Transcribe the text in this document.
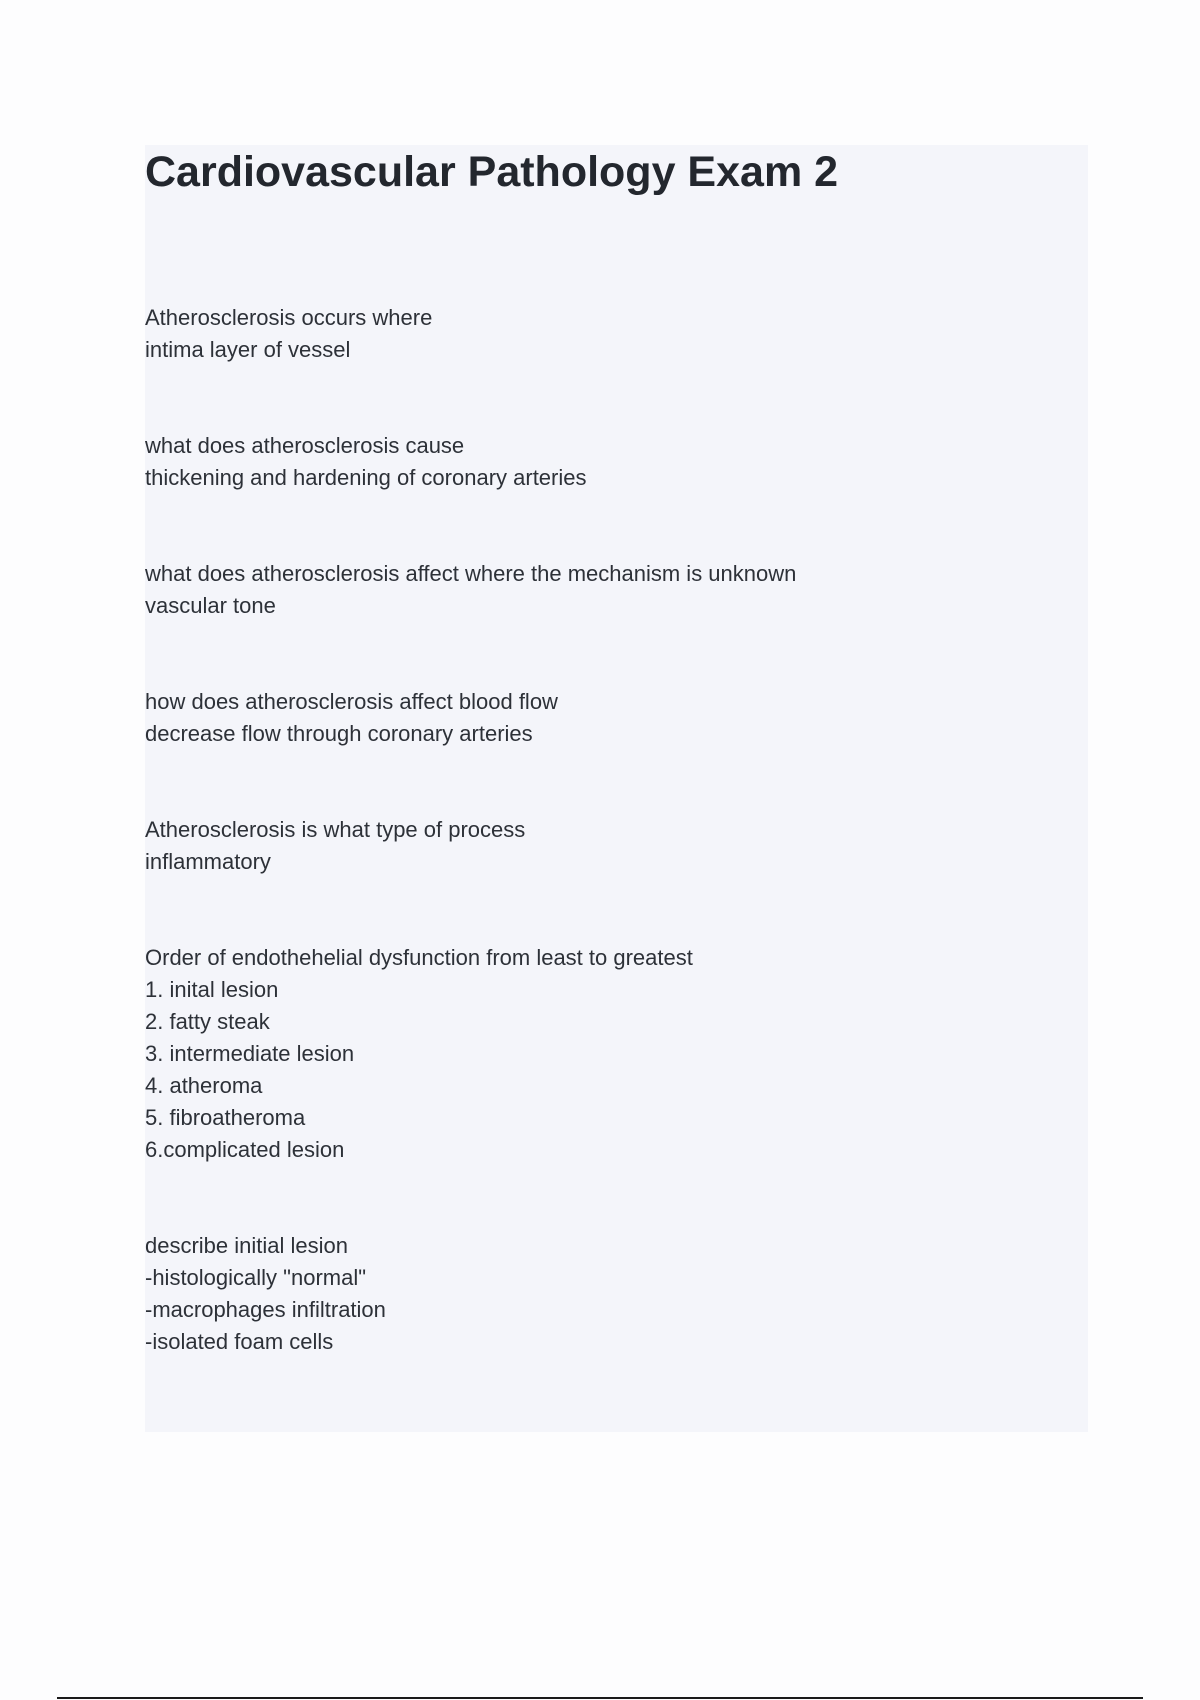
Cardiovascular Pathology Exam 2
Atherosclerosis occurs where
intima layer of vessel
what does atherosclerosis cause
thickening and hardening of coronary arteries
what does atherosclerosis affect where the mechanism is unknown
vascular tone
how does atherosclerosis affect blood flow
decrease flow through coronary arteries
Atherosclerosis is what type of process
inflammatory
Order of endothehelial dysfunction from least to greatest
1. inital lesion
2. fatty steak
3. intermediate lesion
4. atheroma
5. fibroatheroma
6.complicated lesion
describe initial lesion
-histologically "normal"
-macrophages infiltration
-isolated foam cells
